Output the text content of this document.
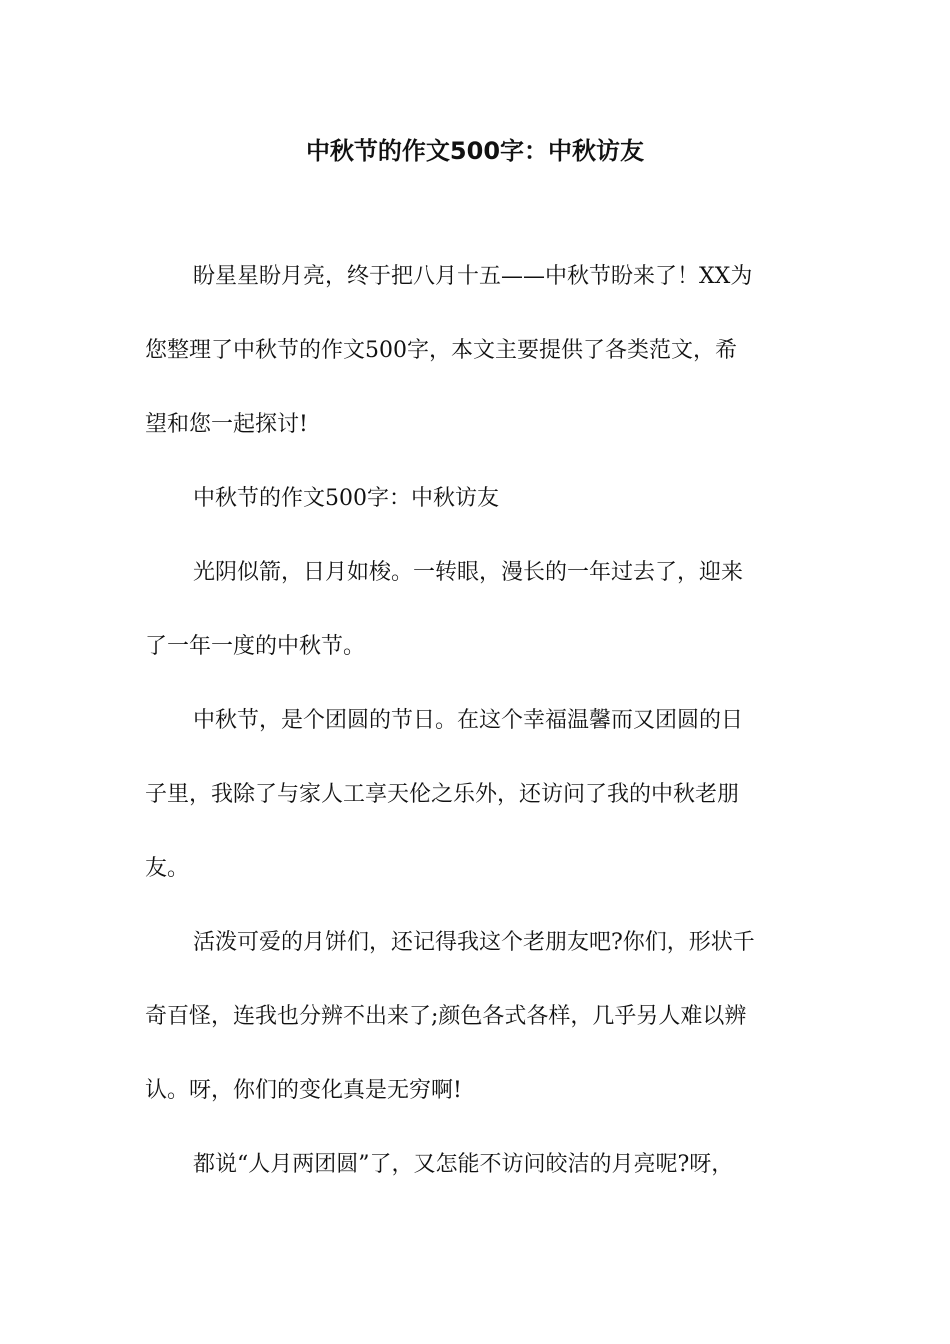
中秋节的作文500字：中秋访友
盼星星盼月亮，终于把八月十五——中秋节盼来了！XX为
您整理了中秋节的作文500字，本文主要提供了各类范文，希
望和您一起探讨!
中秋节的作文500字：中秋访友
光阴似箭，日月如梭。一转眼，漫长的一年过去了，迎来
了一年一度的中秋节。
中秋节，是个团圆的节日。在这个幸福温馨而又团圆的日
子里，我除了与家人工享天伦之乐外，还访问了我的中秋老朋
友。
活泼可爱的月饼们，还记得我这个老朋友吧?你们，形状千
奇百怪，连我也分辨不出来了;颜色各式各样，几乎另人难以辨
认。呀，你们的变化真是无穷啊!
都说“人月两团圆”了，又怎能不访问皎洁的月亮呢?呀，
